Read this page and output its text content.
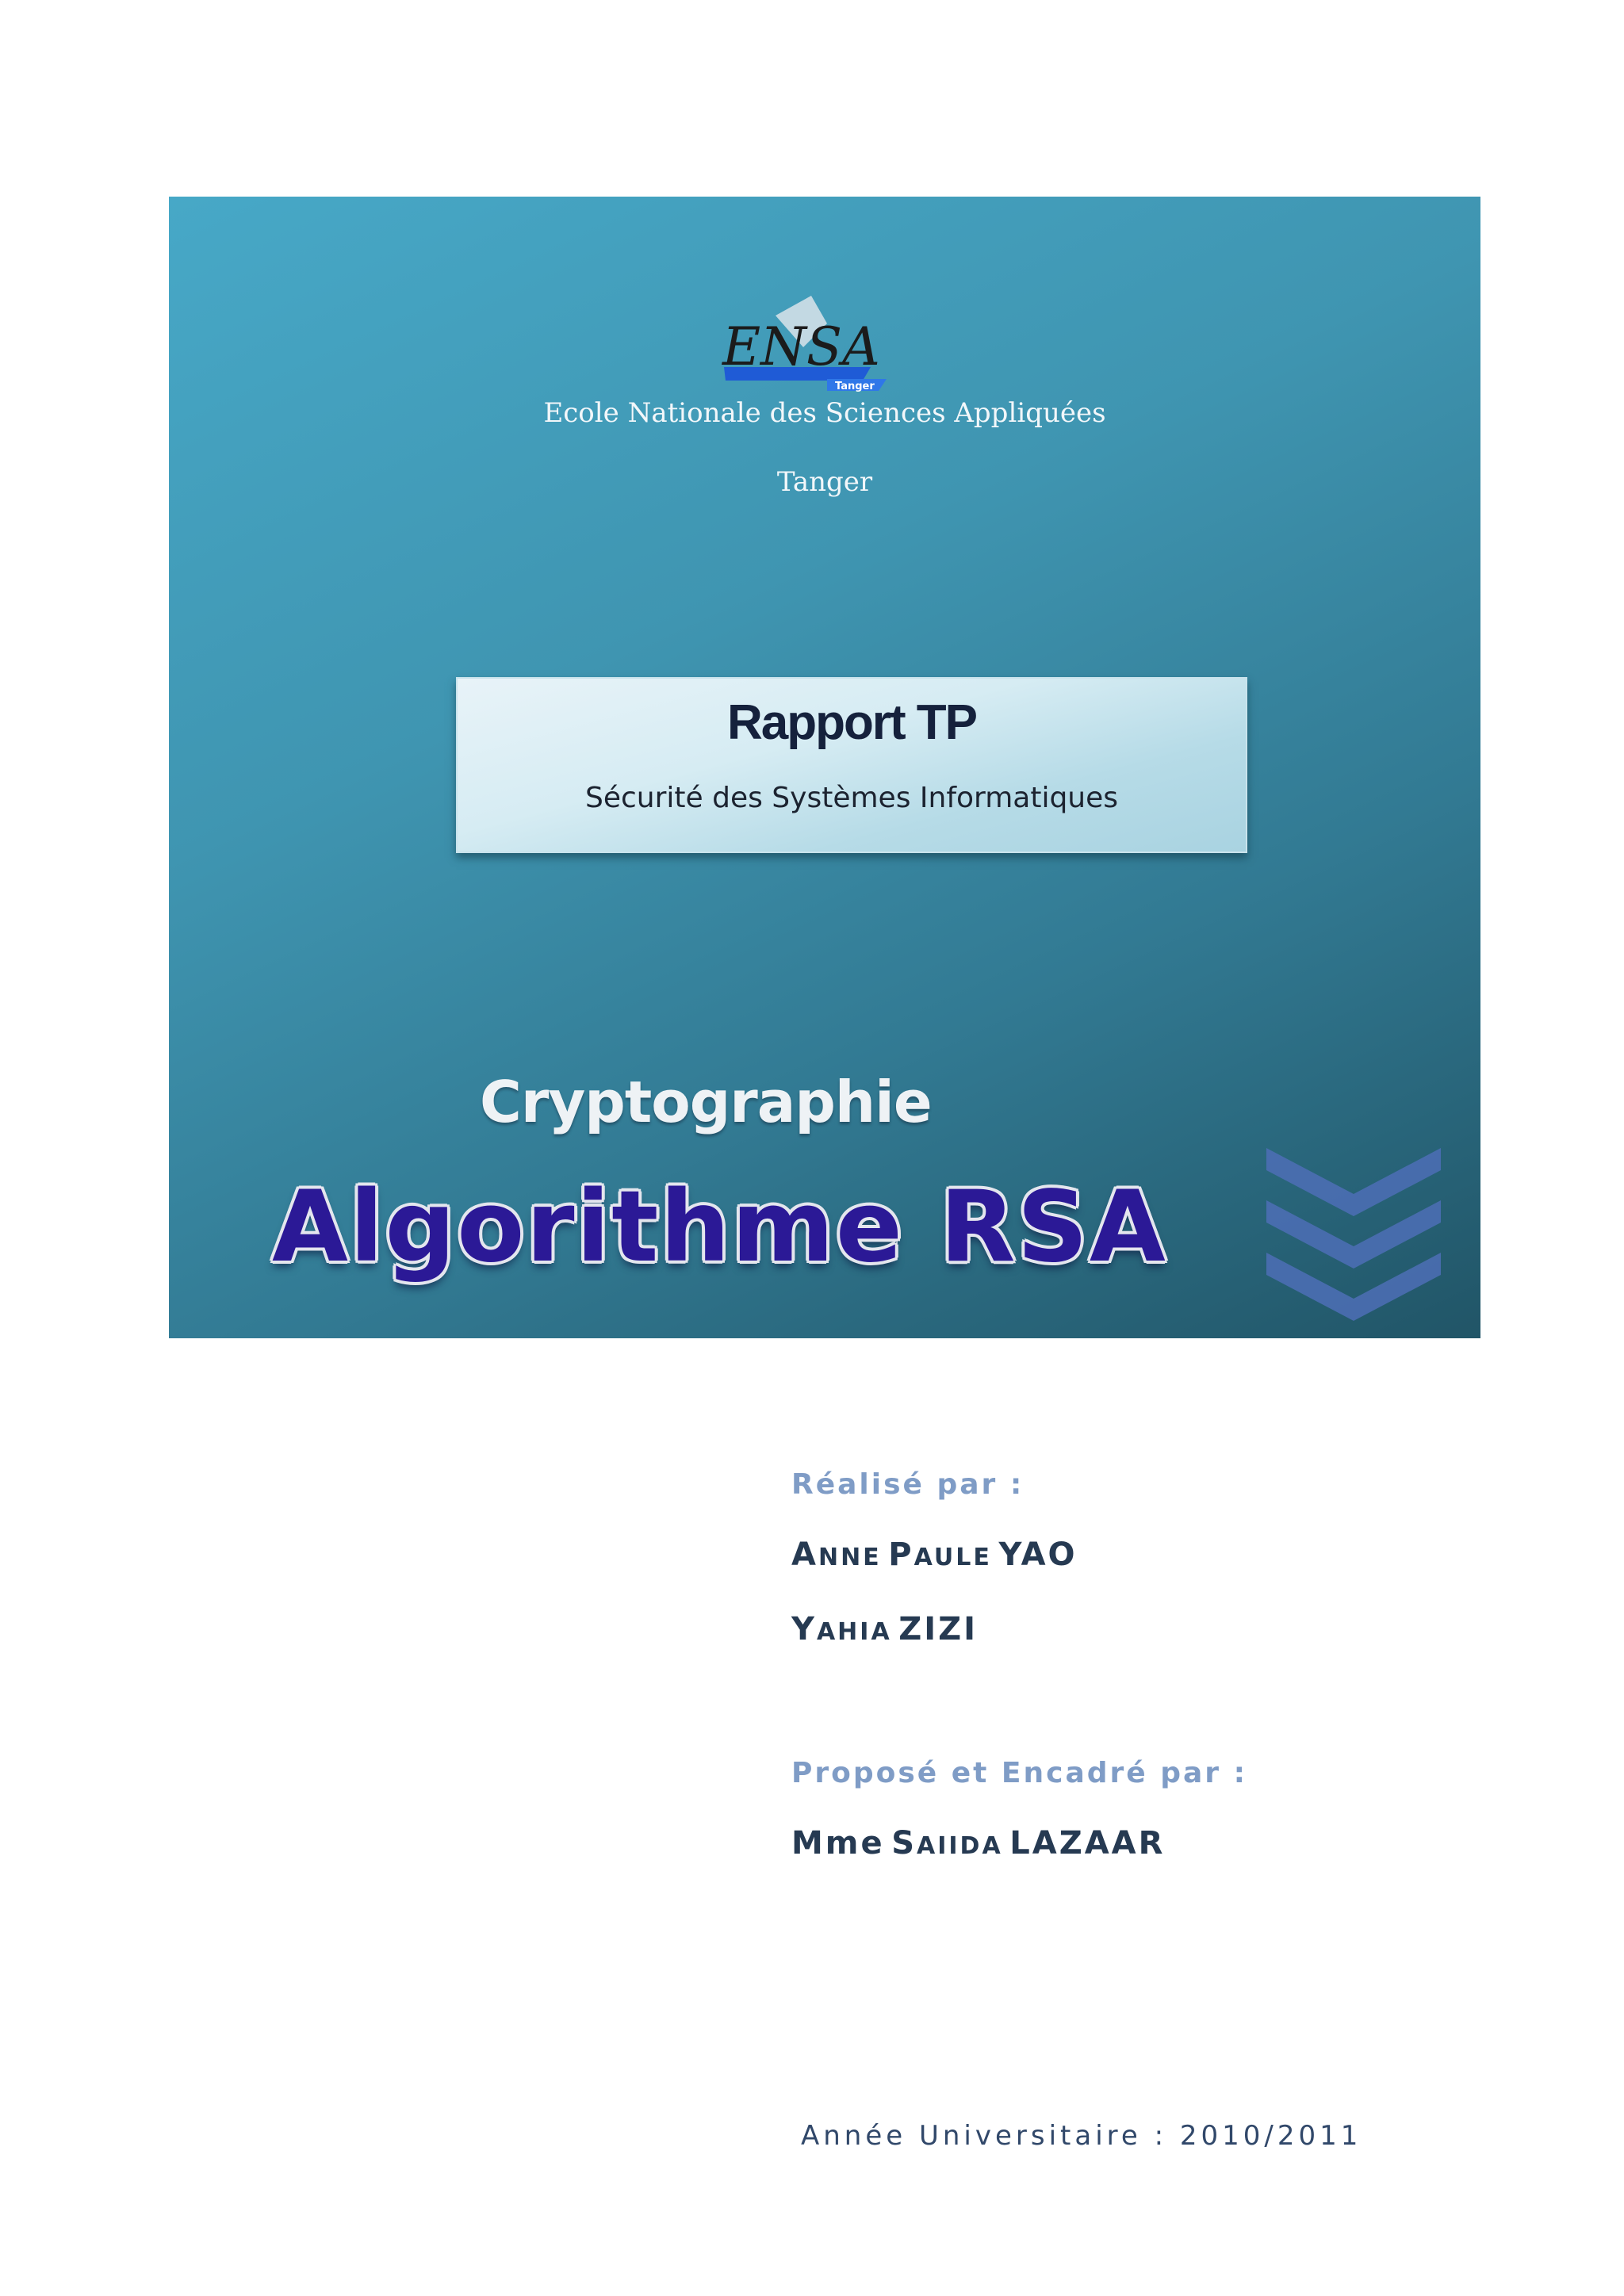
ENSA
Tanger
Ecole Nationale des Sciences Appliquées
Tanger
Rapport TP
Sécurité des Systèmes Informatiques
Cryptographie
Algorithme RSA
Réalisé par :
ANNE PAULE YAO
YAHIA ZIZI
Proposé et Encadré par :
Mme SAIIDA LAZAAR
Année Universitaire : 2010/2011
